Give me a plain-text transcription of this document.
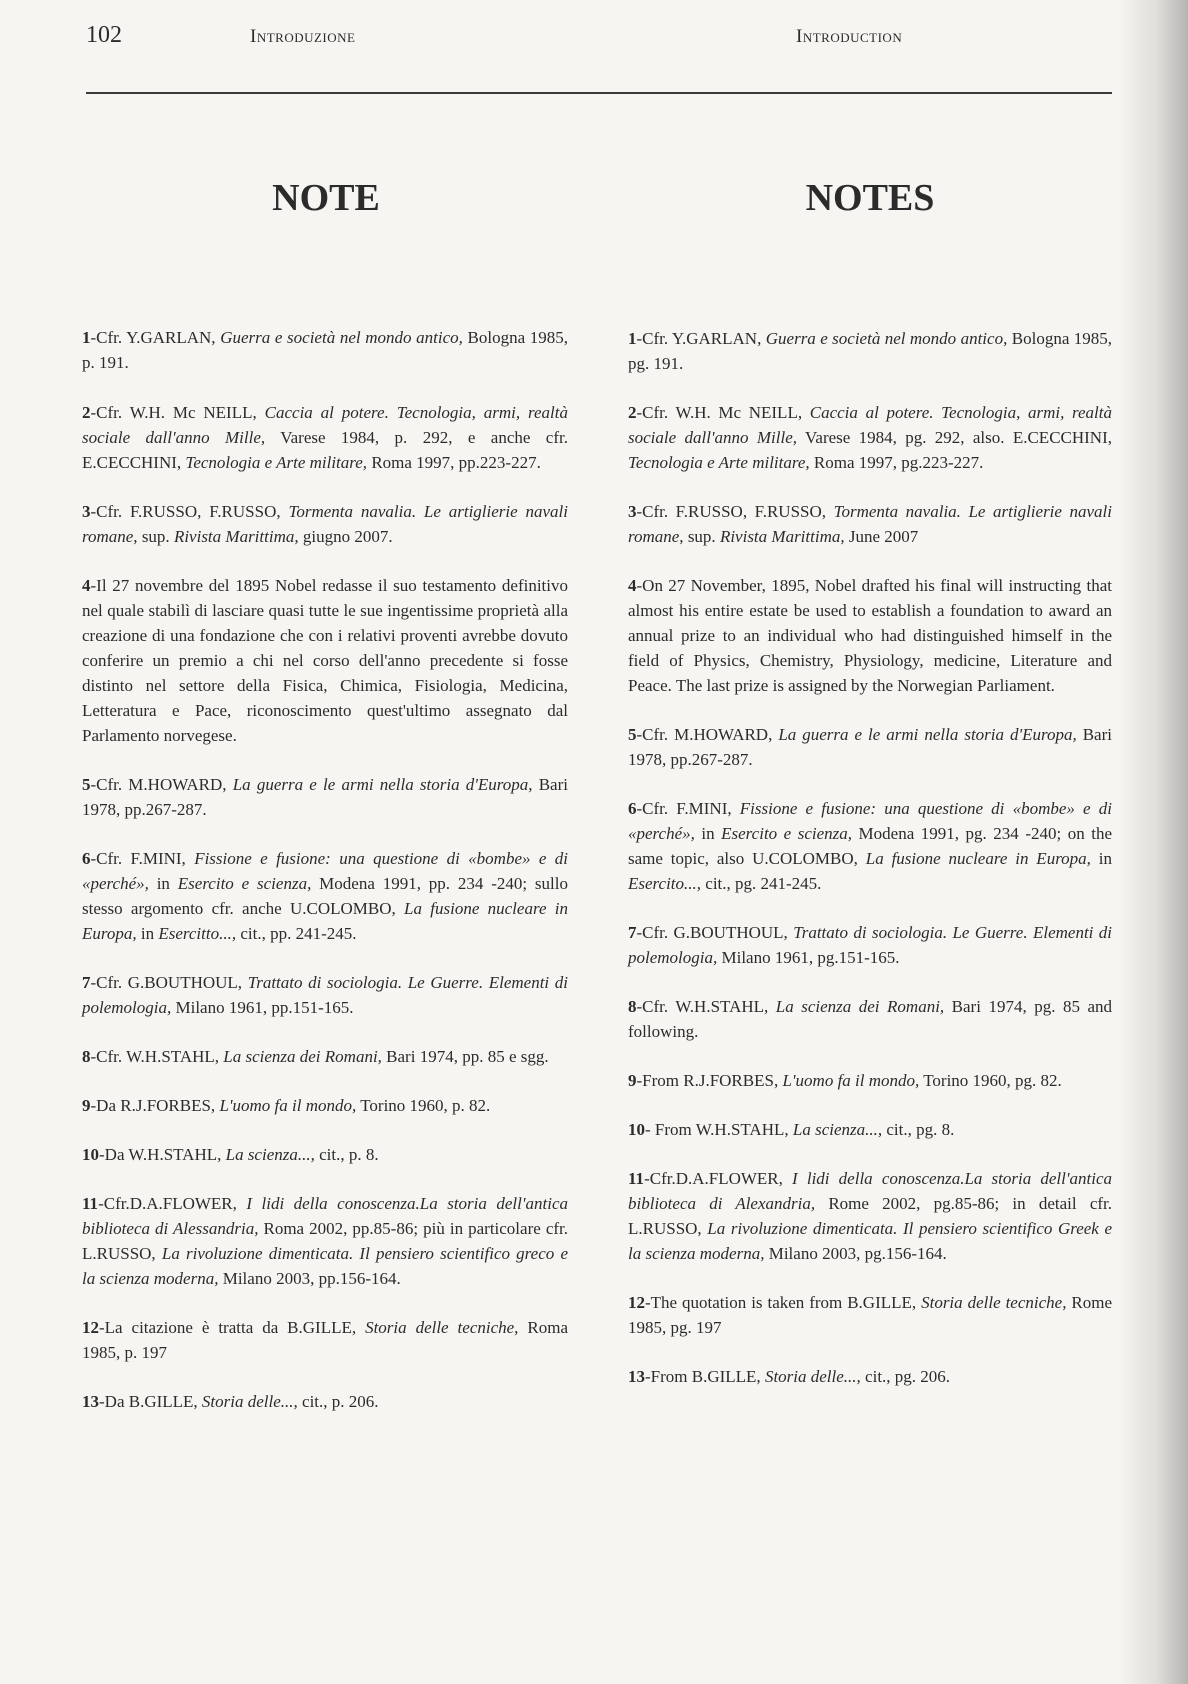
102	Introduzione	Introduction
NOTE	NOTES

1-Cfr. Y.GARLAN, Guerra e società nel mondo antico, Bologna 1985, p. 191.

2-Cfr. W.H. Mc NEILL, Caccia al potere. Tecnologia, armi, realtà sociale dall'anno Mille, Varese 1984, p. 292, e anche cfr. E.CECCHINI, Tecnologia e Arte militare, Roma 1997, pp.223-227.

3-Cfr. F.RUSSO, F.RUSSO, Tormenta navalia. Le artiglierie navali romane, sup. Rivista Marittima, giugno 2007.

4-Il 27 novembre del 1895 Nobel redasse il suo testamento definitivo nel quale stabilì di lasciare quasi tutte le sue ingentissime proprietà alla creazione di una fondazione che con i relativi proventi avrebbe dovuto conferire un premio a chi nel corso dell'anno precedente si fosse distinto nel settore della Fisica, Chimica, Fisiologia, Medicina, Letteratura e Pace, riconoscimento quest'ultimo assegnato dal Parlamento norvegese.

5-Cfr. M.HOWARD, La guerra e le armi nella storia d'Europa, Bari 1978, pp.267-287.

6-Cfr. F.MINI, Fissione e fusione: una questione di «bombe» e di «perché», in Esercito e scienza, Modena 1991, pp. 234 -240; sullo stesso argomento cfr. anche U.COLOMBO, La fusione nucleare in Europa, in Esercitto..., cit., pp. 241-245.

7-Cfr. G.BOUTHOUL, Trattato di sociologia. Le Guerre. Elementi di polemologia, Milano 1961, pp.151-165.

8-Cfr. W.H.STAHL, La scienza dei Romani, Bari 1974, pp. 85 e sgg.

9-Da R.J.FORBES, L'uomo fa il mondo, Torino 1960, p. 82.

10-Da W.H.STAHL, La scienza..., cit., p. 8.

11-Cfr.D.A.FLOWER, I lidi della conoscenza.La storia dell'antica biblioteca di Alessandria, Roma 2002, pp.85-86; più in particolare cfr. L.RUSSO, La rivoluzione dimenticata. Il pensiero scientifico greco e la scienza moderna, Milano 2003, pp.156-164.

12-La citazione è tratta da B.GILLE, Storia delle tecniche, Roma 1985, p. 197

13-Da B.GILLE, Storia delle..., cit., p. 206.

1-Cfr. Y.GARLAN, Guerra e società nel mondo antico, Bologna 1985, pg. 191.

2-Cfr. W.H. Mc NEILL, Caccia al potere. Tecnologia, armi, realtà sociale dall'anno Mille, Varese 1984, pg. 292, also. E.CECCHINI, Tecnologia e Arte militare, Roma 1997, pg.223-227.

3-Cfr. F.RUSSO, F.RUSSO, Tormenta navalia. Le artiglierie navali romane, sup. Rivista Marittima, June 2007

4-On 27 November, 1895, Nobel drafted his final will instructing that almost his entire estate be used to establish a foundation to award an annual prize to an individual who had distinguished himself in the field of Physics, Chemistry, Physiology, medicine, Literature and Peace. The last prize is assigned by the Norwegian Parliament.

5-Cfr. M.HOWARD, La guerra e le armi nella storia d'Europa, Bari 1978, pp.267-287.

6-Cfr. F.MINI, Fissione e fusione: una questione di «bombe» e di «perché», in Esercito e scienza, Modena 1991, pg. 234 -240; on the same topic, also U.COLOMBO, La fusione nucleare in Europa, in Esercito..., cit., pg. 241-245.

7-Cfr. G.BOUTHOUL, Trattato di sociologia. Le Guerre. Elementi di polemologia, Milano 1961, pg.151-165.

8-Cfr. W.H.STAHL, La scienza dei Romani, Bari 1974, pg. 85 and following.

9-From R.J.FORBES, L'uomo fa il mondo, Torino 1960, pg. 82.

10- From W.H.STAHL, La scienza..., cit., pg. 8.

11-Cfr.D.A.FLOWER, I lidi della conoscenza.La storia dell'antica biblioteca di Alexandria, Rome 2002, pg.85-86; in detail cfr. L.RUSSO, La rivoluzione dimenticata. Il pensiero scientifico Greek e la scienza moderna, Milano 2003, pg.156-164.

12-The quotation is taken from B.GILLE, Storia delle tecniche, Rome 1985, pg. 197

13-From B.GILLE, Storia delle..., cit., pg. 206.
